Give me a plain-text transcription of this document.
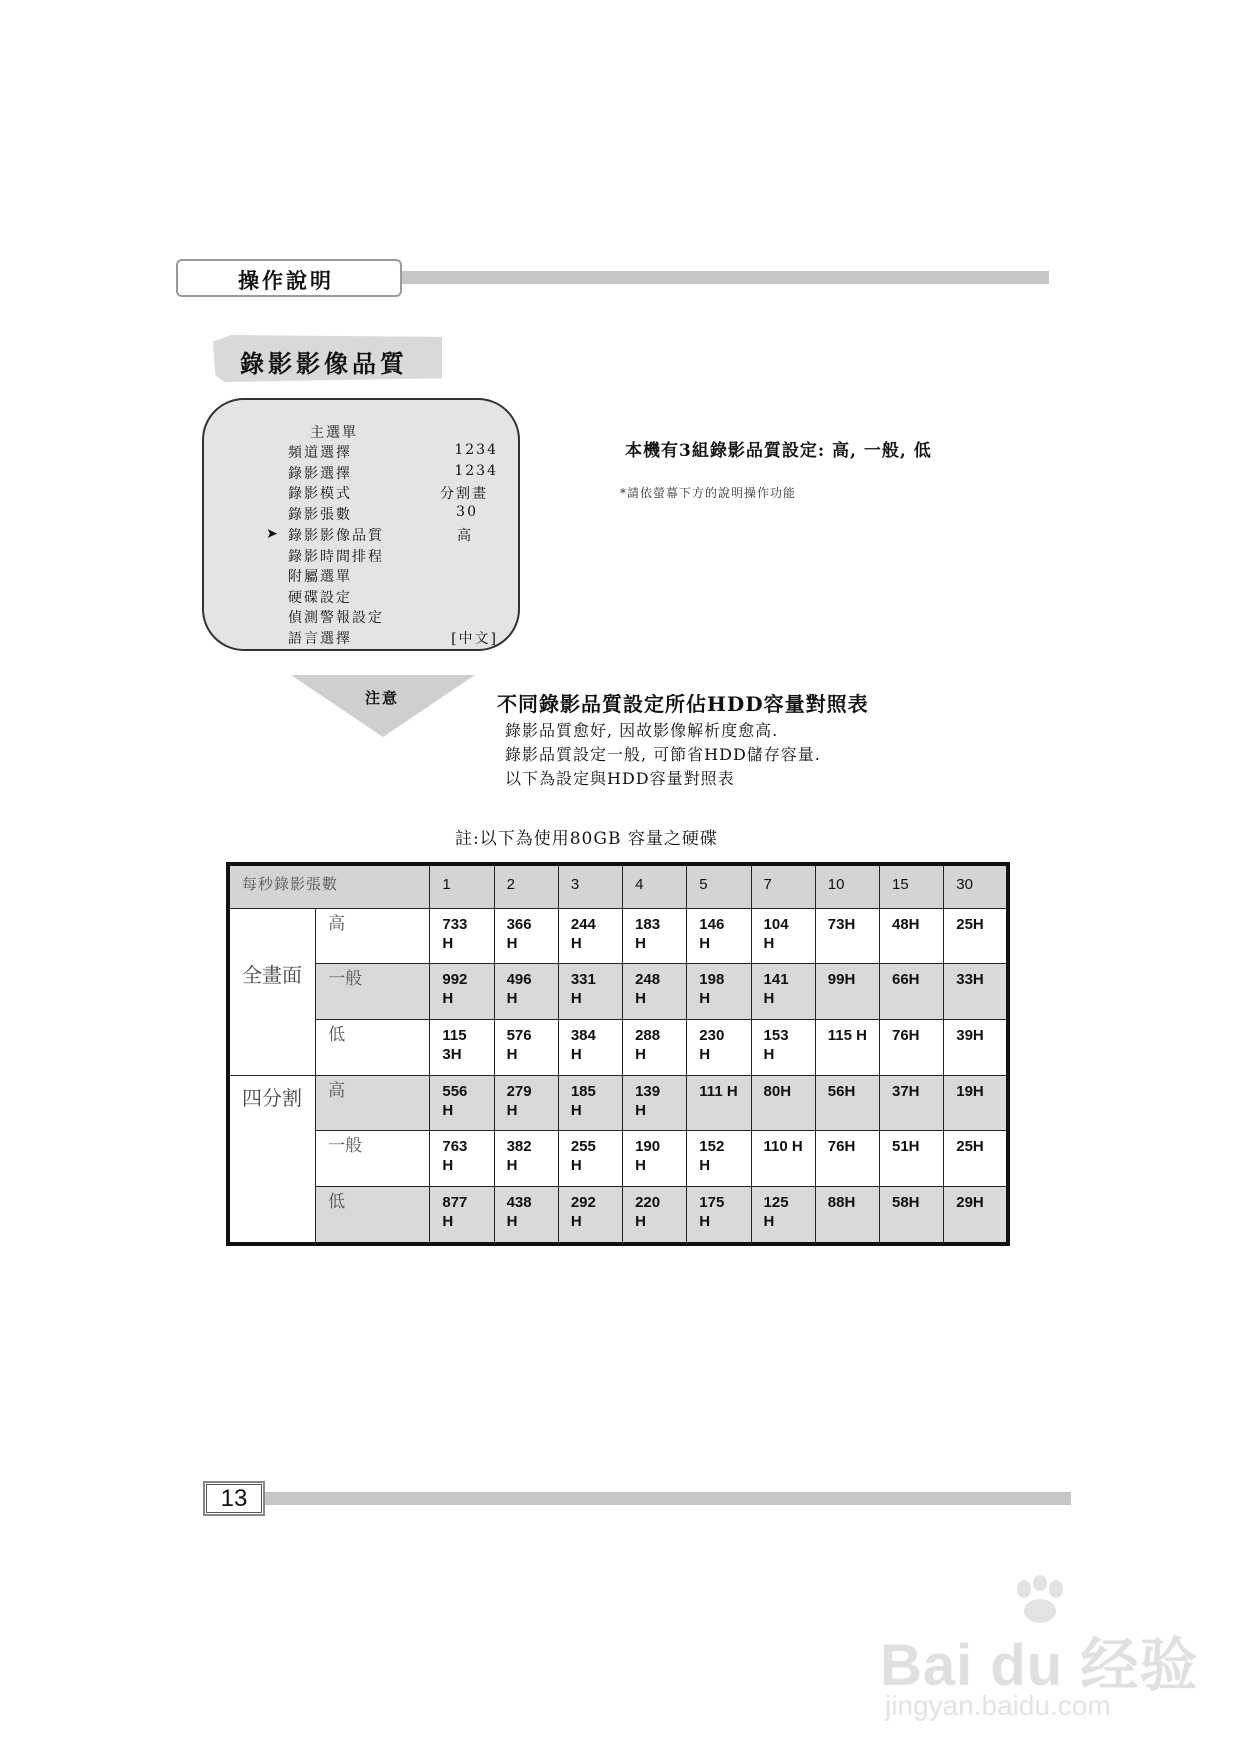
操作說明
錄影影像品質
主選單
頻道選擇	1234
錄影選擇	1234
錄影模式	分割畫
錄影張數	30
➤ 錄影影像品質	高
錄影時間排程
附屬選單
硬碟設定
偵測警報設定
語言選擇	[中文]
本機有3組錄影品質設定: 高, 一般, 低
*請依螢幕下方的說明操作功能
注意	不同錄影品質設定所佔HDD容量對照表
錄影品質愈好, 因故影像解析度愈高.
錄影品質設定一般, 可節省HDD儲存容量.
以下為設定與HDD容量對照表
註:以下為使用80GB 容量之硬碟
每秒錄影張數		1	2	3	4	5	7	10	15	30
全畫面	高	733 H	366 H	244 H	183 H	146 H	104 H	73H	48H	25H
	一般	992 H	496 H	331 H	248 H	198 H	141 H	99H	66H	33H
	低	115 3H	576 H	384 H	288 H	230 H	153 H	115 H	76H	39H
四分割	高	556 H	279 H	185 H	139 H	111 H	80H	56H	37H	19H
	一般	763 H	382 H	255 H	190 H	152 H	110 H	76H	51H	25H
	低	877 H	438 H	292 H	220 H	175 H	125 H	88H	58H	29H
13
Bai du 经验
jingyan.baidu.com
